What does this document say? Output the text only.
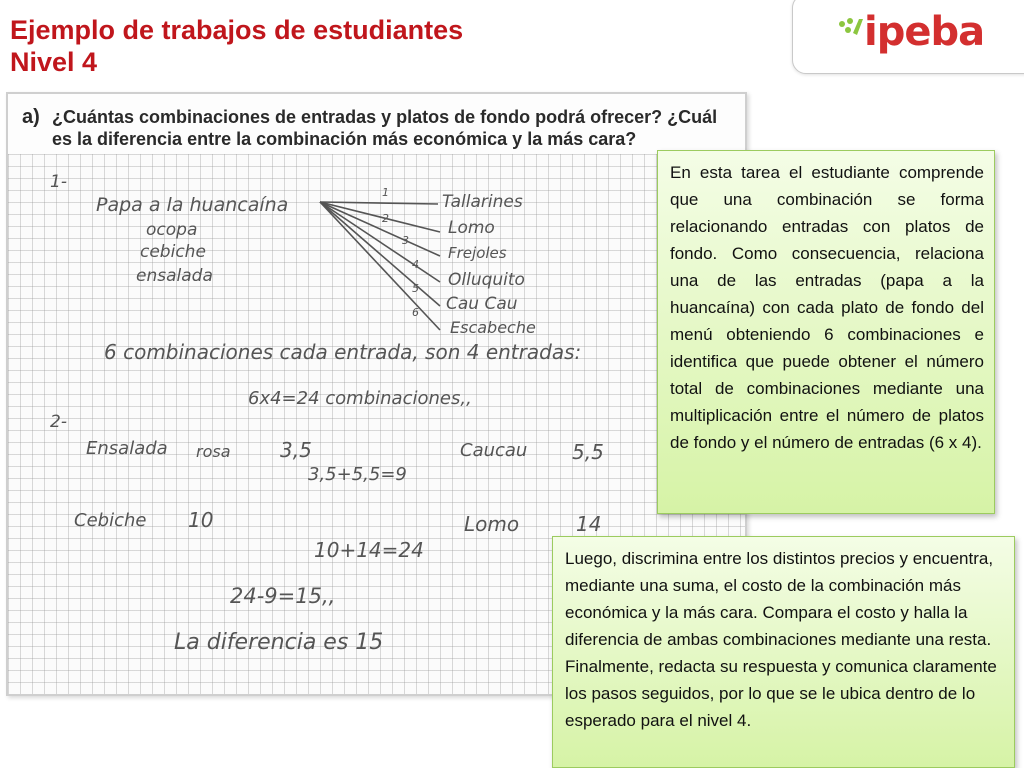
Ejemplo de trabajos de estudiantes
Nivel 4
ipeba
a) ¿Cuántas combinaciones de entradas y platos de fondo podrá ofrecer? ¿Cuál es la diferencia entre la combinación más económica y la más cara?
1-
Papa a la huancaína
ocopa
cebiche
ensalada
1
2
3
4
5
6
Tallarines
Lomo
Frejoles
Olluquito
Cau Cau
Escabeche
6 combinaciones cada entrada, son 4 entradas:
6x4=24 combinaciones,,
2-
Ensalada rosa 3,5	Caucau 5,5
3,5+5,5=9
Cebiche 10	Lomo	14
10+14=24
24-9=15,,
La diferencia es 15
En esta tarea el estudiante comprende que una combinación se forma relacionando entradas con platos de fondo. Como consecuencia, relaciona una de las entradas (papa a la huancaína) con cada plato de fondo del menú obteniendo 6 combinaciones e identifica que puede obtener el número total de combinaciones mediante una multiplicación entre el número de platos de fondo y el número de entradas (6 x 4).
Luego, discrimina entre los distintos precios y encuentra, mediante una suma, el costo de la combinación más económica y la más cara. Compara el costo y halla la diferencia de ambas combinaciones mediante una resta. Finalmente, redacta su respuesta y comunica claramente los pasos seguidos, por lo que se le ubica dentro de lo esperado para el nivel 4.
